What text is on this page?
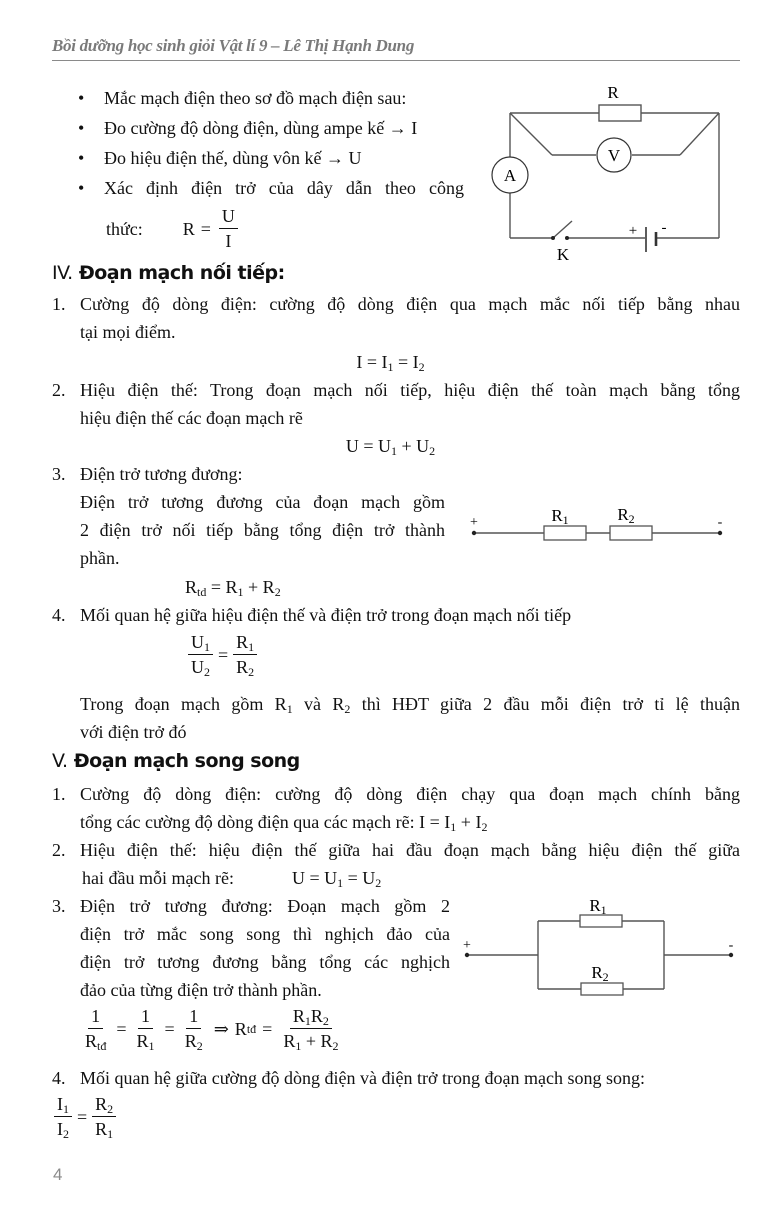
Bồi dưỡng học sinh giỏi Vật lí 9 – Lê Thị Hạnh Dung
• Mắc mạch điện theo sơ đồ mạch điện sau:
• Đo cường độ dòng điện, dùng ampe kế → I
• Đo hiệu điện thế, dùng vôn kế → U
• Xác định điện trở của dây dẫn theo công
thức: $R = \frac{U}{I}$
R
V
A
K
+ -
IV. Đoạn mạch nối tiếp:
1. Cường độ dòng điện: cường độ dòng điện qua mạch mắc nối tiếp bằng nhau
tại mọi điểm.
$I = I_1 = I_2$
2. Hiệu điện thế: Trong đoạn mạch nối tiếp, hiệu điện thế toàn mạch bằng tổng
hiệu điện thế các đoạn mạch rẽ
$U = U_1 + U_2$
3. Điện trở tương đương:
Điện trở tương đương của đoạn mạch gồm
2 điện trở nối tiếp bằng tổng điện trở thành
phần.
$R_{td} = R_1 + R_2$
+	-
R1	R2
4. Mối quan hệ giữa hiệu điện thế và điện trở trong đoạn mạch nối tiếp
$\frac{U_1}{U_2} = \frac{R_1}{R_2}$
Trong đoạn mạch gồm $R_1$ và $R_2$ thì HĐT giữa 2 đầu mỗi điện trở tỉ lệ thuận
với điện trở đó
V. Đoạn mạch song song
1. Cường độ dòng điện: cường độ dòng điện chạy qua đoạn mạch chính bằng
tổng các cường độ dòng điện qua các mạch rẽ: $I = I_1 + I_2$
2. Hiệu điện thế: hiệu điện thế giữa hai đầu đoạn mạch bằng hiệu điện thế giữa
hai đầu mỗi mạch rẽ:	$U = U_1 = U_2$
3. Điện trở tương đương: Đoạn mạch gồm 2
điện trở mắc song song thì nghịch đảo của
điện trở tương đương bằng tổng các nghịch
đảo của từng điện trở thành phần.
$\frac{1}{R_{tđ}} = \frac{1}{R_1} = \frac{1}{R_2}$ ⇒ R tđ = $\frac{R_1R_2}{R_1 + R_2}$
+	-
R1
R2
4. Mối quan hệ giữa cường độ dòng điện và điện trở trong đoạn mạch song song:
$\frac{I_1}{I_2} = \frac{R_2}{R_1}$
4
